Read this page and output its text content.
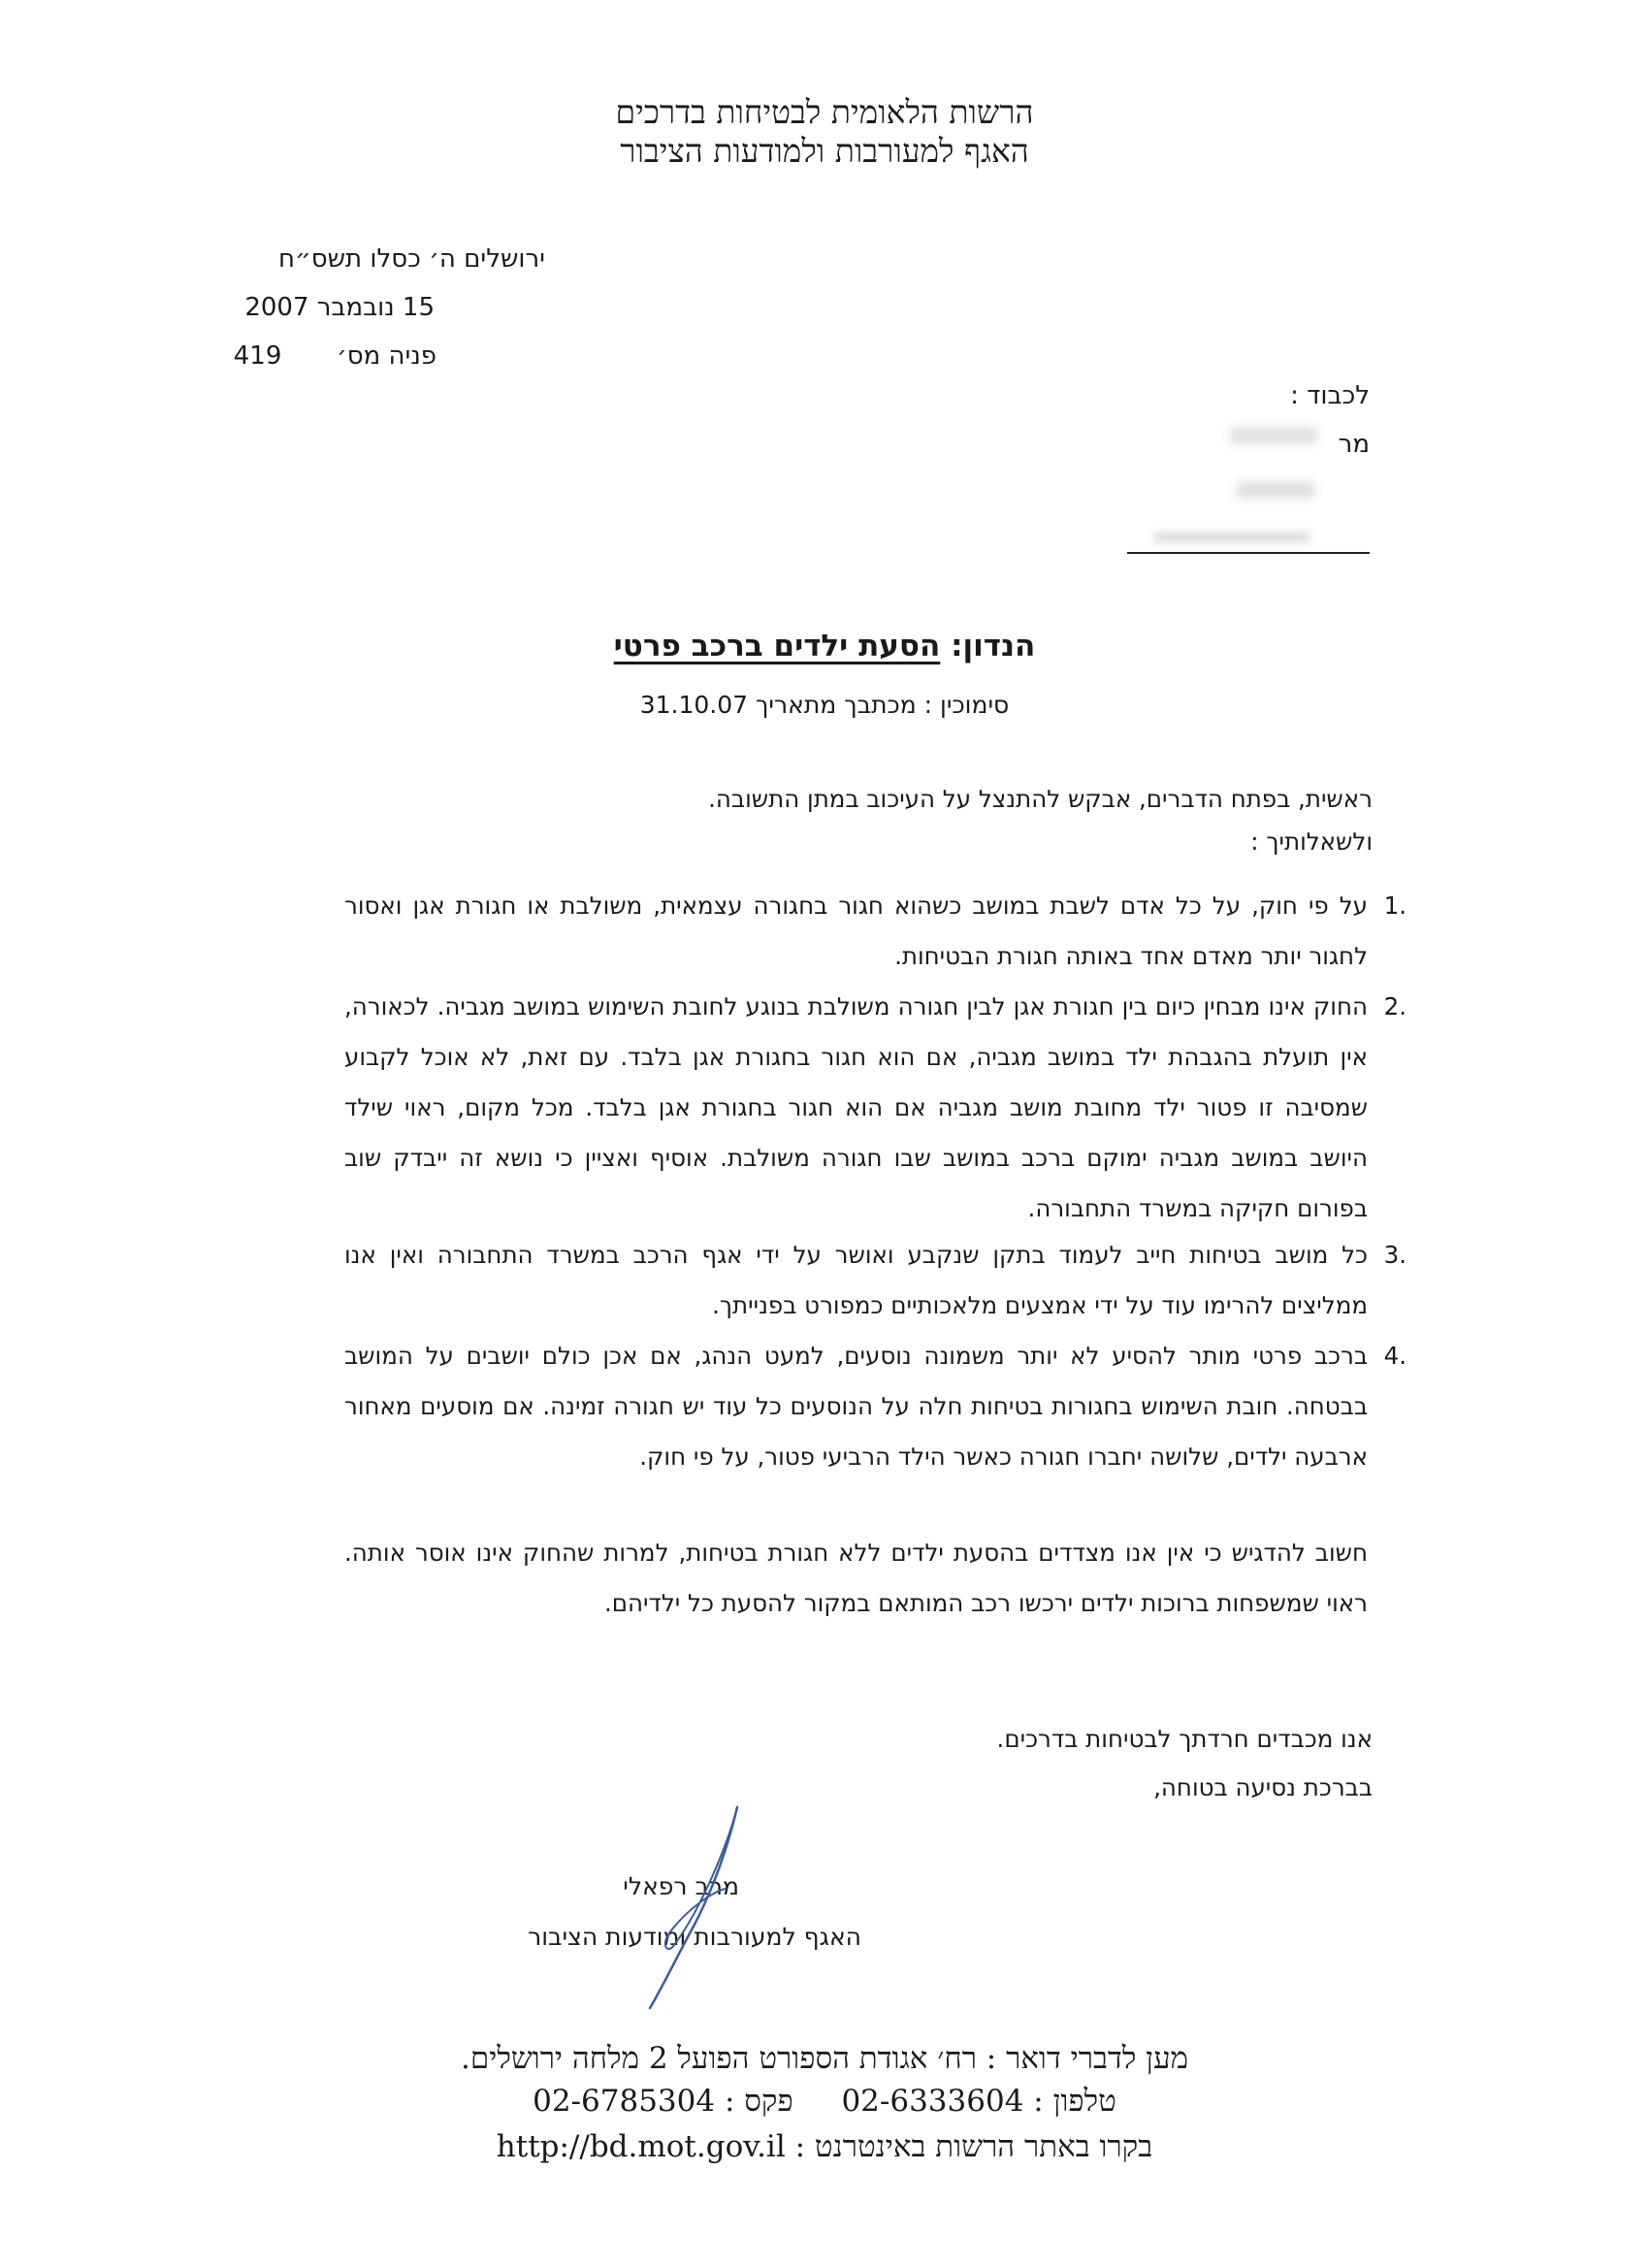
הרשות הלאומית לבטיחות בדרכים
האגף למעורבות ולמודעות הציבור
ירושלים ה׳ כסלו תשס״ח
15 נובמבר 2007
פניה מס׳  419
לכבוד :
מר
הנדון: הסעת ילדים ברכב פרטי
סימוכין : מכתבך מתאריך 31.10.07
ראשית, בפתח הדברים, אבקש להתנצל על העיכוב במתן התשובה.
ולשאלותיך :
.1
על פי חוק, על כל אדם לשבת במושב כשהוא חגור בחגורה עצמאית, משולבת או חגורת אגן ואסור לחגור יותר מאדם אחד באותה חגורת הבטיחות.
.2
החוק אינו מבחין כיום בין חגורת אגן לבין חגורה משולבת בנוגע לחובת השימוש במושב מגביה. לכאורה, אין תועלת בהגבהת ילד במושב מגביה, אם הוא חגור בחגורת אגן בלבד. עם זאת, לא אוכל לקבוע שמסיבה זו פטור ילד מחובת מושב מגביה אם הוא חגור בחגורת אגן בלבד. מכל מקום, ראוי שילד היושב במושב מגביה ימוקם ברכב במושב שבו חגורה משולבת. אוסיף ואציין כי נושא זה ייבדק שוב בפורום חקיקה במשרד התחבורה.
.3
כל מושב בטיחות חייב לעמוד בתקן שנקבע ואושר על ידי אגף הרכב במשרד התחבורה ואין אנו ממליצים להרימו עוד על ידי אמצעים מלאכותיים כמפורט בפנייתך.
.4
ברכב פרטי מותר להסיע לא יותר משמונה נוסעים, למעט הנהג, אם אכן כולם יושבים על המושב בבטחה. חובת השימוש בחגורות בטיחות חלה על הנוסעים כל עוד יש חגורה זמינה. אם מוסעים מאחור ארבעה ילדים, שלושה יחברו חגורה כאשר הילד הרביעי פטור, על פי חוק.
חשוב להדגיש כי אין אנו מצדדים בהסעת ילדים ללא חגורת בטיחות, למרות שהחוק אינו אוסר אותה. ראוי שמשפחות ברוכות ילדים ירכשו רכב המותאם במקור להסעת כל ילדיהם.
אנו מכבדים חרדתך לבטיחות בדרכים.
בברכת נסיעה בטוחה,
מרב רפאלי
האגף למעורבות ומודעות הציבור
מען לדברי דואר : רח׳ אגודת הספורט הפועל 2 מלחה ירושלים.
טלפון : 02-6333604  פקס : 02-6785304
בקרו באתר הרשות באינטרנט : http://bd.mot.gov.il
